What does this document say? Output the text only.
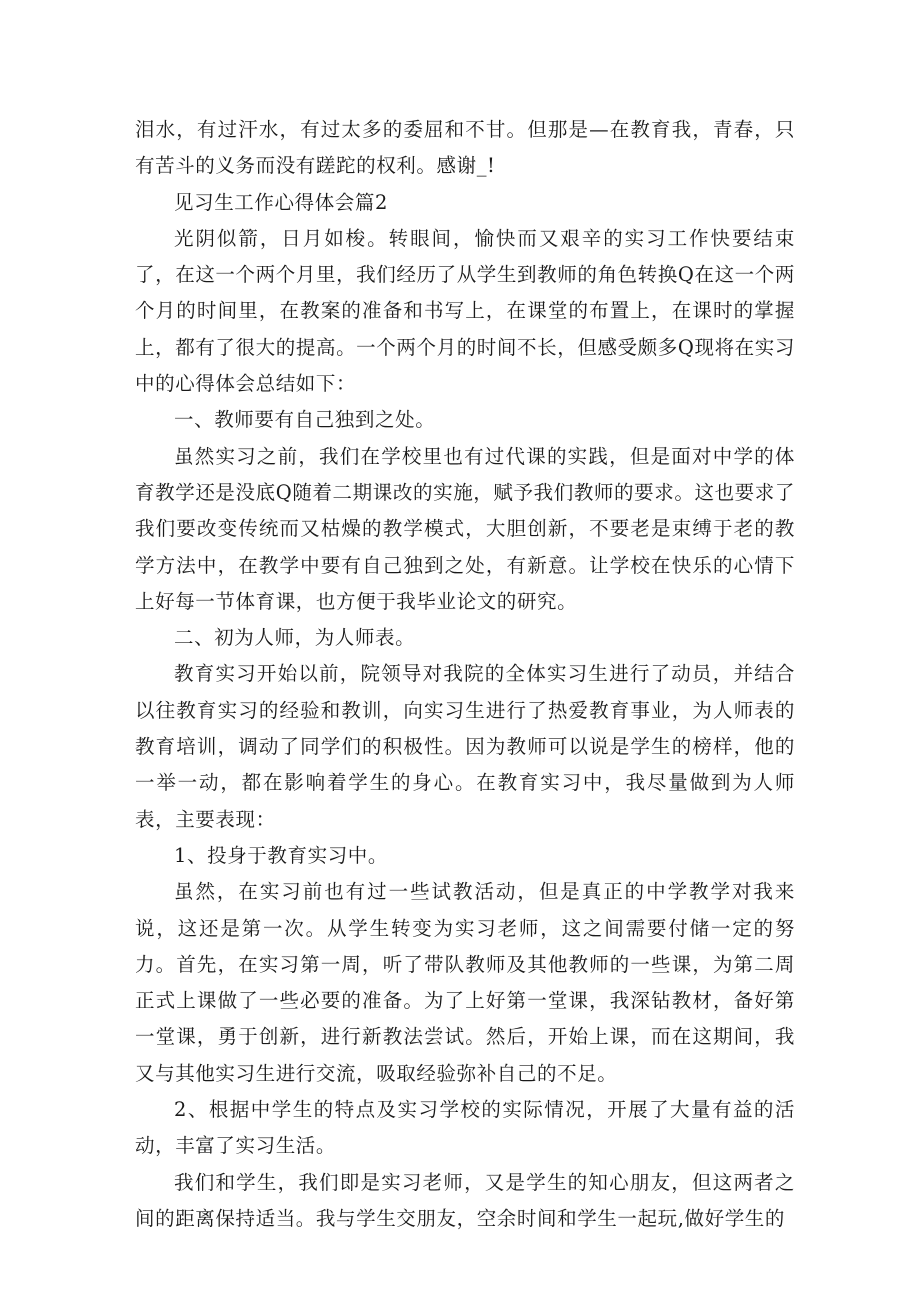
泪水，有过汗水，有过太多的委屈和不甘。但那是—在教育我，青春，只有苦斗的义务而没有蹉跎的权利。感谢_!

见习生工作心得体会篇2

光阴似箭，日月如梭。转眼间，愉快而又艰辛的实习工作快要结束了，在这一个两个月里，我们经历了从学生到教师的角色转换Q在这一个两个月的时间里，在教案的准备和书写上，在课堂的布置上，在课时的掌握上，都有了很大的提高。一个两个月的时间不长，但感受颇多Q现将在实习中的心得体会总结如下：

一、教师要有自己独到之处。

虽然实习之前，我们在学校里也有过代课的实践，但是面对中学的体育教学还是没底Q随着二期课改的实施，赋予我们教师的要求。这也要求了我们要改变传统而又枯燥的教学模式，大胆创新，不要老是束缚于老的教学方法中，在教学中要有自己独到之处，有新意。让学校在快乐的心情下上好每一节体育课，也方便于我毕业论文的研究。

二、初为人师，为人师表。

教育实习开始以前，院领导对我院的全体实习生进行了动员，并结合以往教育实习的经验和教训，向实习生进行了热爱教育事业，为人师表的教育培训，调动了同学们的积极性。因为教师可以说是学生的榜样，他的一举一动，都在影响着学生的身心。在教育实习中，我尽量做到为人师表，主要表现：

1、投身于教育实习中。

虽然，在实习前也有过一些试教活动，但是真正的中学教学对我来说，这还是第一次。从学生转变为实习老师，这之间需要付储一定的努力。首先，在实习第一周，听了带队教师及其他教师的一些课，为第二周正式上课做了一些必要的准备。为了上好第一堂课，我深钻教材，备好第一堂课，勇于创新，进行新教法尝试。然后，开始上课，而在这期间，我又与其他实习生进行交流，吸取经验弥补自己的不足。

2、根据中学生的特点及实习学校的实际情况，开展了大量有益的活动，丰富了实习生活。

我们和学生，我们即是实习老师，又是学生的知心朋友，但这两者之间的距离保持适当。我与学生交朋友，空余时间和学生一起玩,做好学生的
